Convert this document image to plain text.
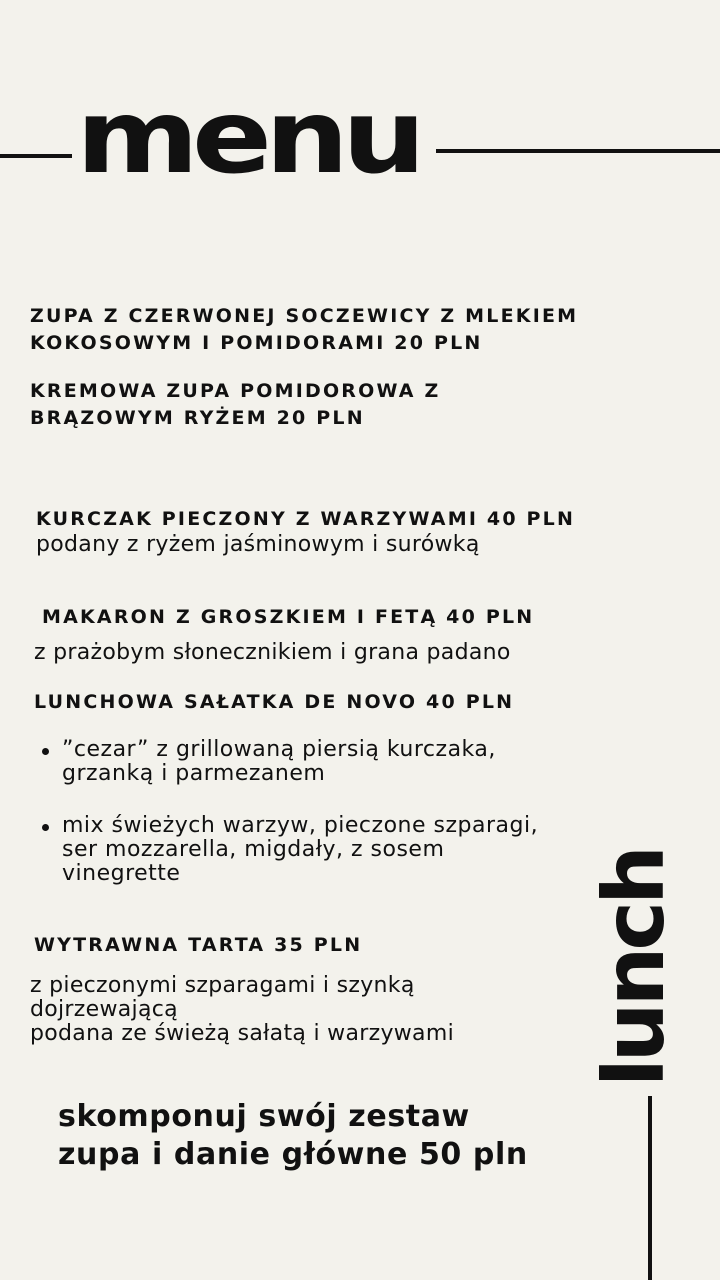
menu

ZUPA Z CZERWONEJ SOCZEWICY Z MLEKIEM

KOKOSOWYM I POMIDORAMI 20 PLN

KREMOWA ZUPA POMIDOROWA Z

BRĄZOWYM RYŻEM 20 PLN

KURCZAK PIECZONY Z WARZYWAMI 40 PLN

podany z ryżem jaśminowym i surówką

MAKARON Z GROSZKIEM I FETĄ 40 PLN

z prażobym słonecznikiem i grana padano

LUNCHOWA SAŁATKA DE NOVO 40 PLN

”cezar” z grillowaną piersią kurczaka,
grzanką i parmezanem
mix świeżych warzyw, pieczone szparagi,
ser mozzarella, migdały, z sosem
vinegrette

WYTRAWNA TARTA 35 PLN

z pieczonymi szparagami i szynką

dojrzewającą

podana ze świeżą sałatą i warzywami

skomponuj swój zestaw
zupa i danie główne 50 pln
lunch
